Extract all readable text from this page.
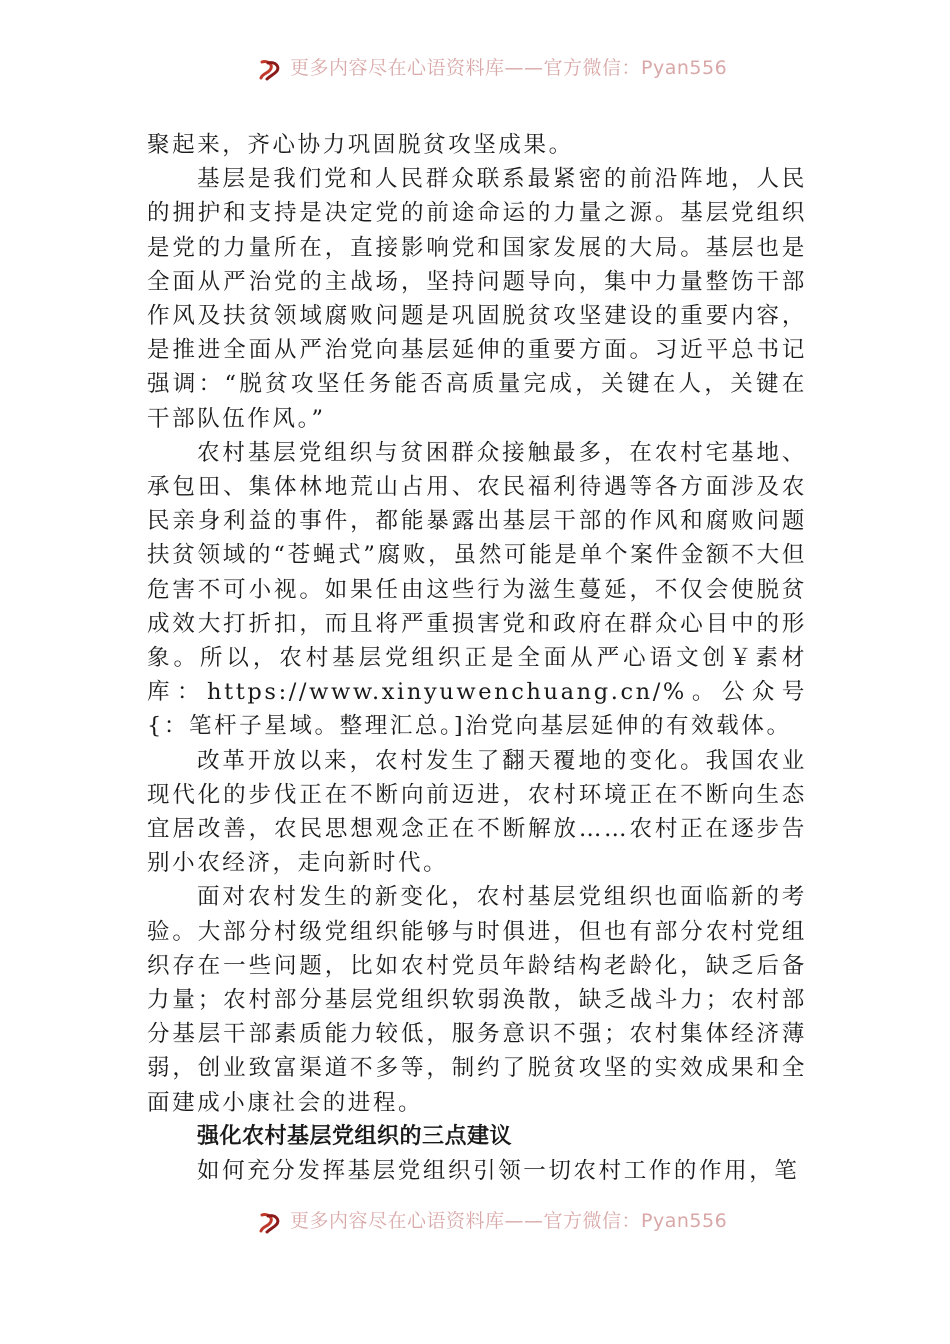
更多内容尽在心语资料库——官方微信：Pyan556

聚起来，齐心协力巩固脱贫攻坚成果。

基层是我们党和人民群众联系最紧密的前沿阵地，人民的拥护和支持是决定党的前途命运的力量之源。基层党组织是党的力量所在，直接影响党和国家发展的大局。基层也是全面从严治党的主战场，坚持问题导向，集中力量整饬干部作风及扶贫领域腐败问题是巩固脱贫攻坚建设的重要内容，是推进全面从严治党向基层延伸的重要方面。习近平总书记强调：“脱贫攻坚任务能否高质量完成，关键在人，关键在干部队伍作风。”

农村基层党组织与贫困群众接触最多，在农村宅基地、承包田、集体林地荒山占用、农民福利待遇等各方面涉及农民亲身利益的事件，都能暴露出基层干部的作风和腐败问题扶贫领域的“苍蝇式”腐败，虽然可能是单个案件金额不大但危害不可小视。如果任由这些行为滋生蔓延，不仅会使脱贫成效大打折扣，而且将严重损害党和政府在群众心目中的形象。所以，农村基层党组织正是全面从严心语文创￥素材库：https://www.xinyuwenchuang.cn/%。公众号{：笔杆子星域。整理汇总。]治党向基层延伸的有效载体。

改革开放以来，农村发生了翻天覆地的变化。我国农业现代化的步伐正在不断向前迈进，农村环境正在不断向生态宜居改善，农民思想观念正在不断解放……农村正在逐步告别小农经济，走向新时代。

面对农村发生的新变化，农村基层党组织也面临新的考验。大部分村级党组织能够与时俱进，但也有部分农村党组织存在一些问题，比如农村党员年龄结构老龄化，缺乏后备力量；农村部分基层党组织软弱涣散，缺乏战斗力；农村部分基层干部素质能力较低，服务意识不强；农村集体经济薄弱，创业致富渠道不多等，制约了脱贫攻坚的实效成果和全面建成小康社会的进程。

强化农村基层党组织的三点建议

如何充分发挥基层党组织引领一切农村工作的作用，笔

更多内容尽在心语资料库——官方微信：Pyan556
